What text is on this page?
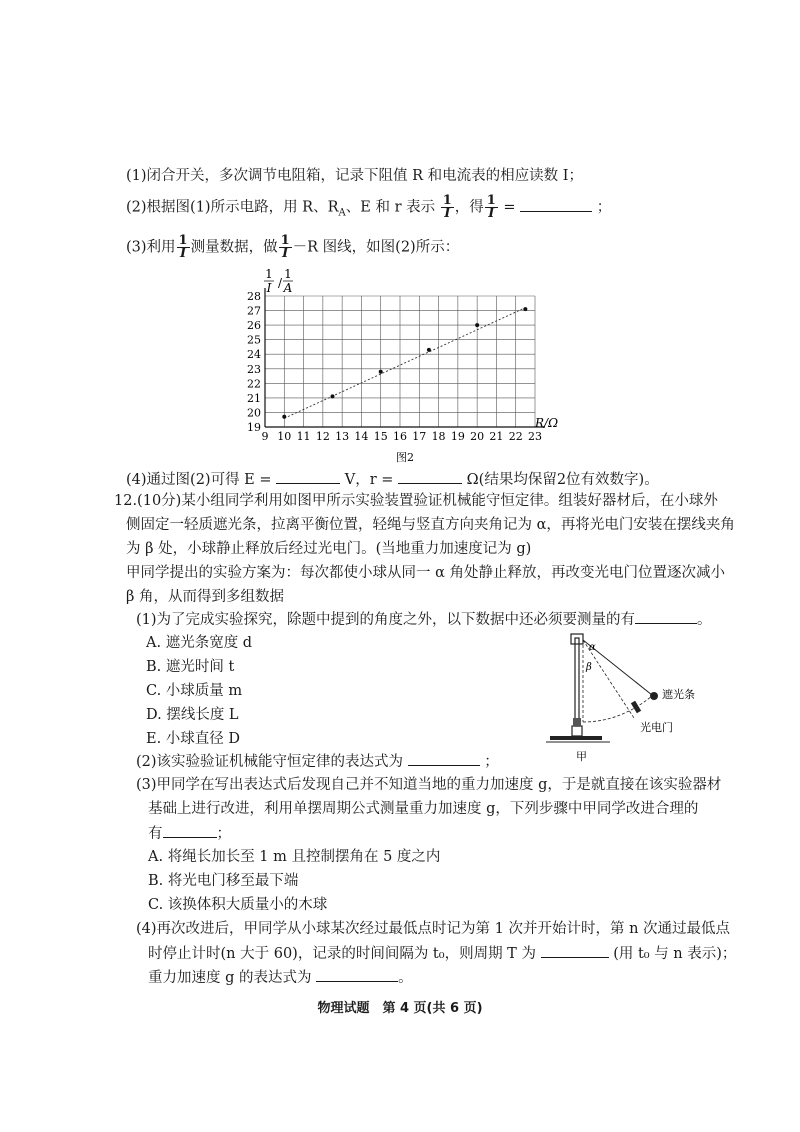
(1)闭合开关，多次调节电阻箱，记录下阻值 R 和电流表的相应读数 I；
(2)根据图(1)所示电路，用 R、$R_A$、E 和 r 表示 $\frac{1}{I}$ ，得 $\frac{1}{I}$ =	；
(3)利用 $\frac{1}{I}$ 测量数据，做 $\frac{1}{I} -R$ 图线，如图(2)所示：
9 10 11 12 13 14 15 16 17 18 19 20 21 22 23
19
20
21
22
23
24
25
26
27
28
1
I /
1
A
R/Ω
图2
(4)通过图(2)可得 E =	V，r =	Ω(结果均保留2位有效数字)。
12.(10分)某小组同学利用如图甲所示实验装置验证机械能守恒定律。组装好器材后，在小球外
侧固定一轻质遮光条，拉离平衡位置，轻绳与竖直方向夹角记为 α，再将光电门安装在摆线夹角
为 β 处，小球静止释放后经过光电门。(当地重力加速度记为 g)
甲同学提出的实验方案为：每次都使小球从同一 α 角处静止释放，再改变光电门位置逐次减小
β 角，从而得到多组数据
(1)为了完成实验探究，除题中提到的角度之外，以下数据中还必须要测量的有	。
A. 遮光条宽度 d
B. 遮光时间 t
C. 小球质量 m
D. 摆线长度 L
E. 小球直径 D
α
β
遮光条
光电门
甲
(2)该实验验证机械能守恒定律的表达式为	；
(3)甲同学在写出表达式后发现自己并不知道当地的重力加速度 g，于是就直接在该实验器材
基础上进行改进，利用单摆周期公式测量重力加速度 g，下列步骤中甲同学改进合理的
有	；
A. 将绳长加长至 1 m 且控制摆角在 5 度之内
B. 将光电门移至最下端
C. 该换体积大质量小的木球
(4)再次改进后，甲同学从小球某次经过最低点时记为第 1 次并开始计时，第 n 次通过最低点
时停止计时(n 大于 60)，记录的时间间隔为 t₀，则周期 T 为	(用 t₀ 与 n 表示)；
重力加速度 g 的表达式为	。
物理试题　第 4 页(共 6 页)
